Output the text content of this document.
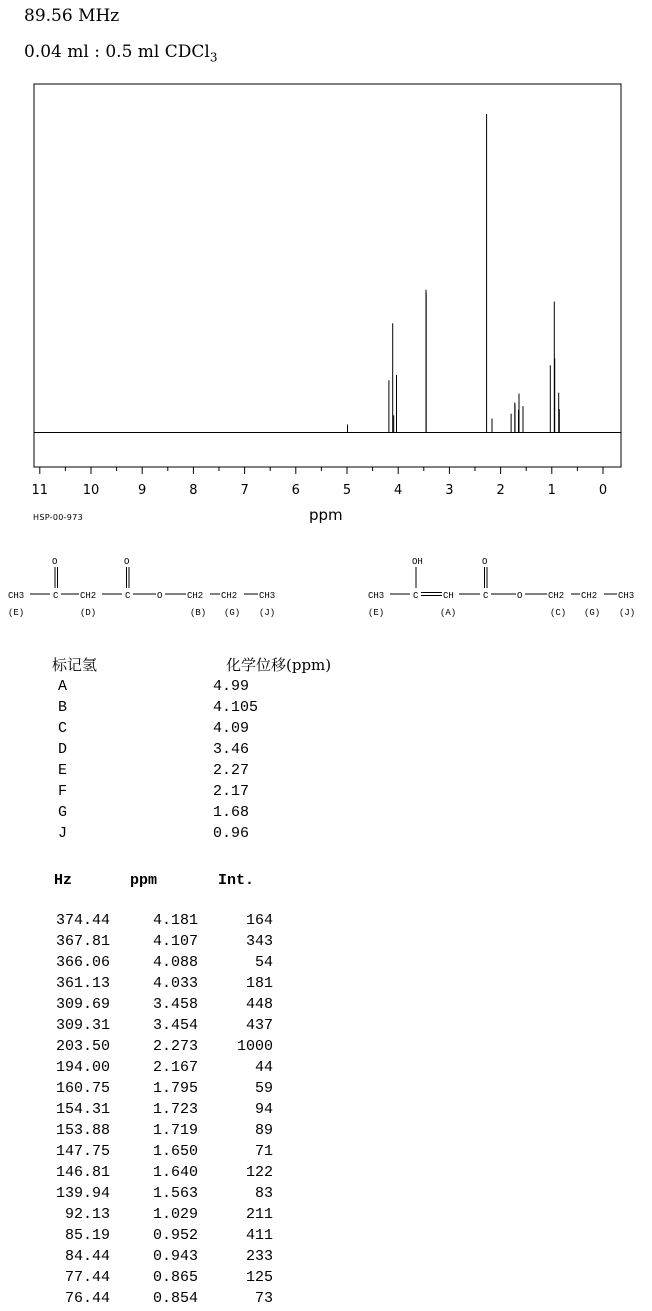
89.56 MHz
0.04 ml : 0.5 ml CDCl$_3$
11	10	9	8	7	6	5	4	3	2	1	0
HSP-00-973	ppm
O	O
CH3	C CH2	C	O	CH2 CH2 CH3
(E)	(D)	(B) (G) (J)
OH	O
CH3	C	CH	C	O	CH2 CH2 CH3
(E)	(A)	(C) (G) (J)
标记氢	化学位移(ppm)
A	4.99
B	4.105
C	4.09
D	3.46
E	2.27
F	2.17
G	1.68
J	0.96
Hz	ppm	Int.
374.44	4.181	164
367.81	4.107	343
366.06	4.088	54
361.13	4.033	181
309.69	3.458	448
309.31	3.454	437
203.50	2.273	1000
194.00	2.167	44
160.75	1.795	59
154.31	1.723	94
153.88	1.719	89
147.75	1.650	71
146.81	1.640	122
139.94	1.563	83
92.13	1.029	211
85.19	0.952	411
84.44	0.943	233
77.44	0.865	125
76.44	0.854	73
